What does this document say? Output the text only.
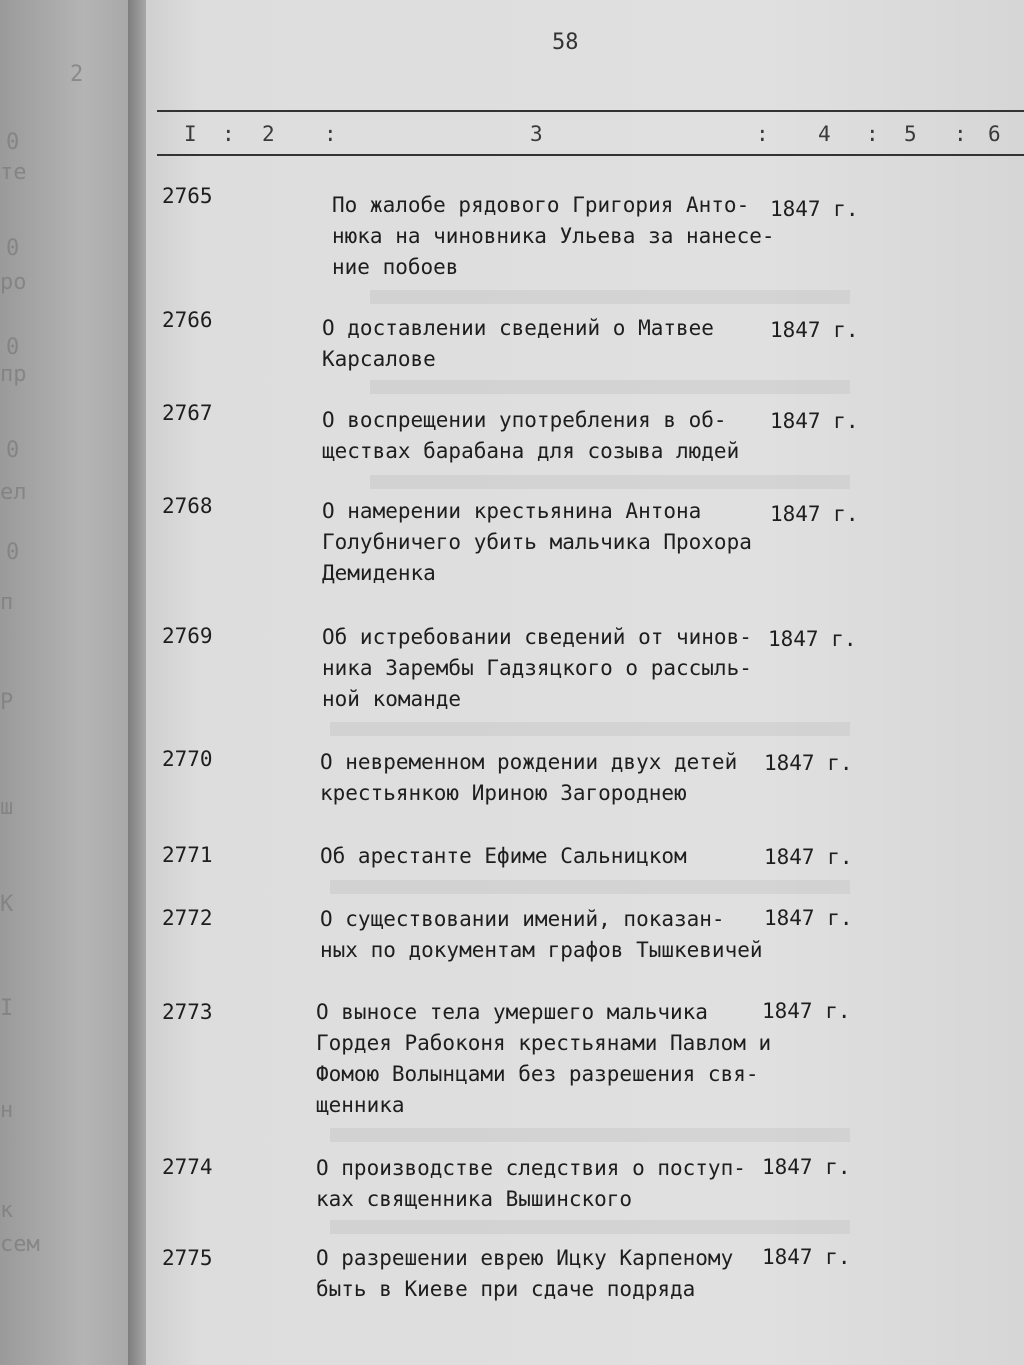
2
0
те
0
ро
0
пр
0
ел
0
п
Р
ш
К
I
н
к
сем
58
I : 2 :	3	: 4 : 5 : 6
2765	По жалобе рядового Григория Анто-
нюка на чиновника Ульева за нанесе-
ние побоев
1847 г.
2766	О доставлении сведений о Матвее
Карсалове
1847 г.
2767	О воспрещении употребления в об-
ществах барабана для созыва людей
1847 г.
2768	О намерении крестьянина Антона
Голубничего убить мальчика Прохора
Демиденка
1847 г.
2769	Об истребовании сведений от чинов-
ника Зарембы Гадзяцкого о рассыль-
ной команде
1847 г.
2770	О невременном рождении двух детей
крестьянкою Ириною Загороднею
1847 г.
2771	Об арестанте Ефиме Сальницком	1847 г.
2772	О существовании имений, показан-
ных по документам графов Тышкевичей
1847 г.
2773	О выносе тела умершего мальчика
Гордея Рабоконя крестьянами Павлом и
Фомою Волынцами без разрешения свя-
щенника
1847 г.
2774	О производстве следствия о поступ-
ках священника Вышинского
1847 г.
2775	О разрешении еврею Ицку Карпеному
быть в Киеве при сдаче подряда
1847 г.
